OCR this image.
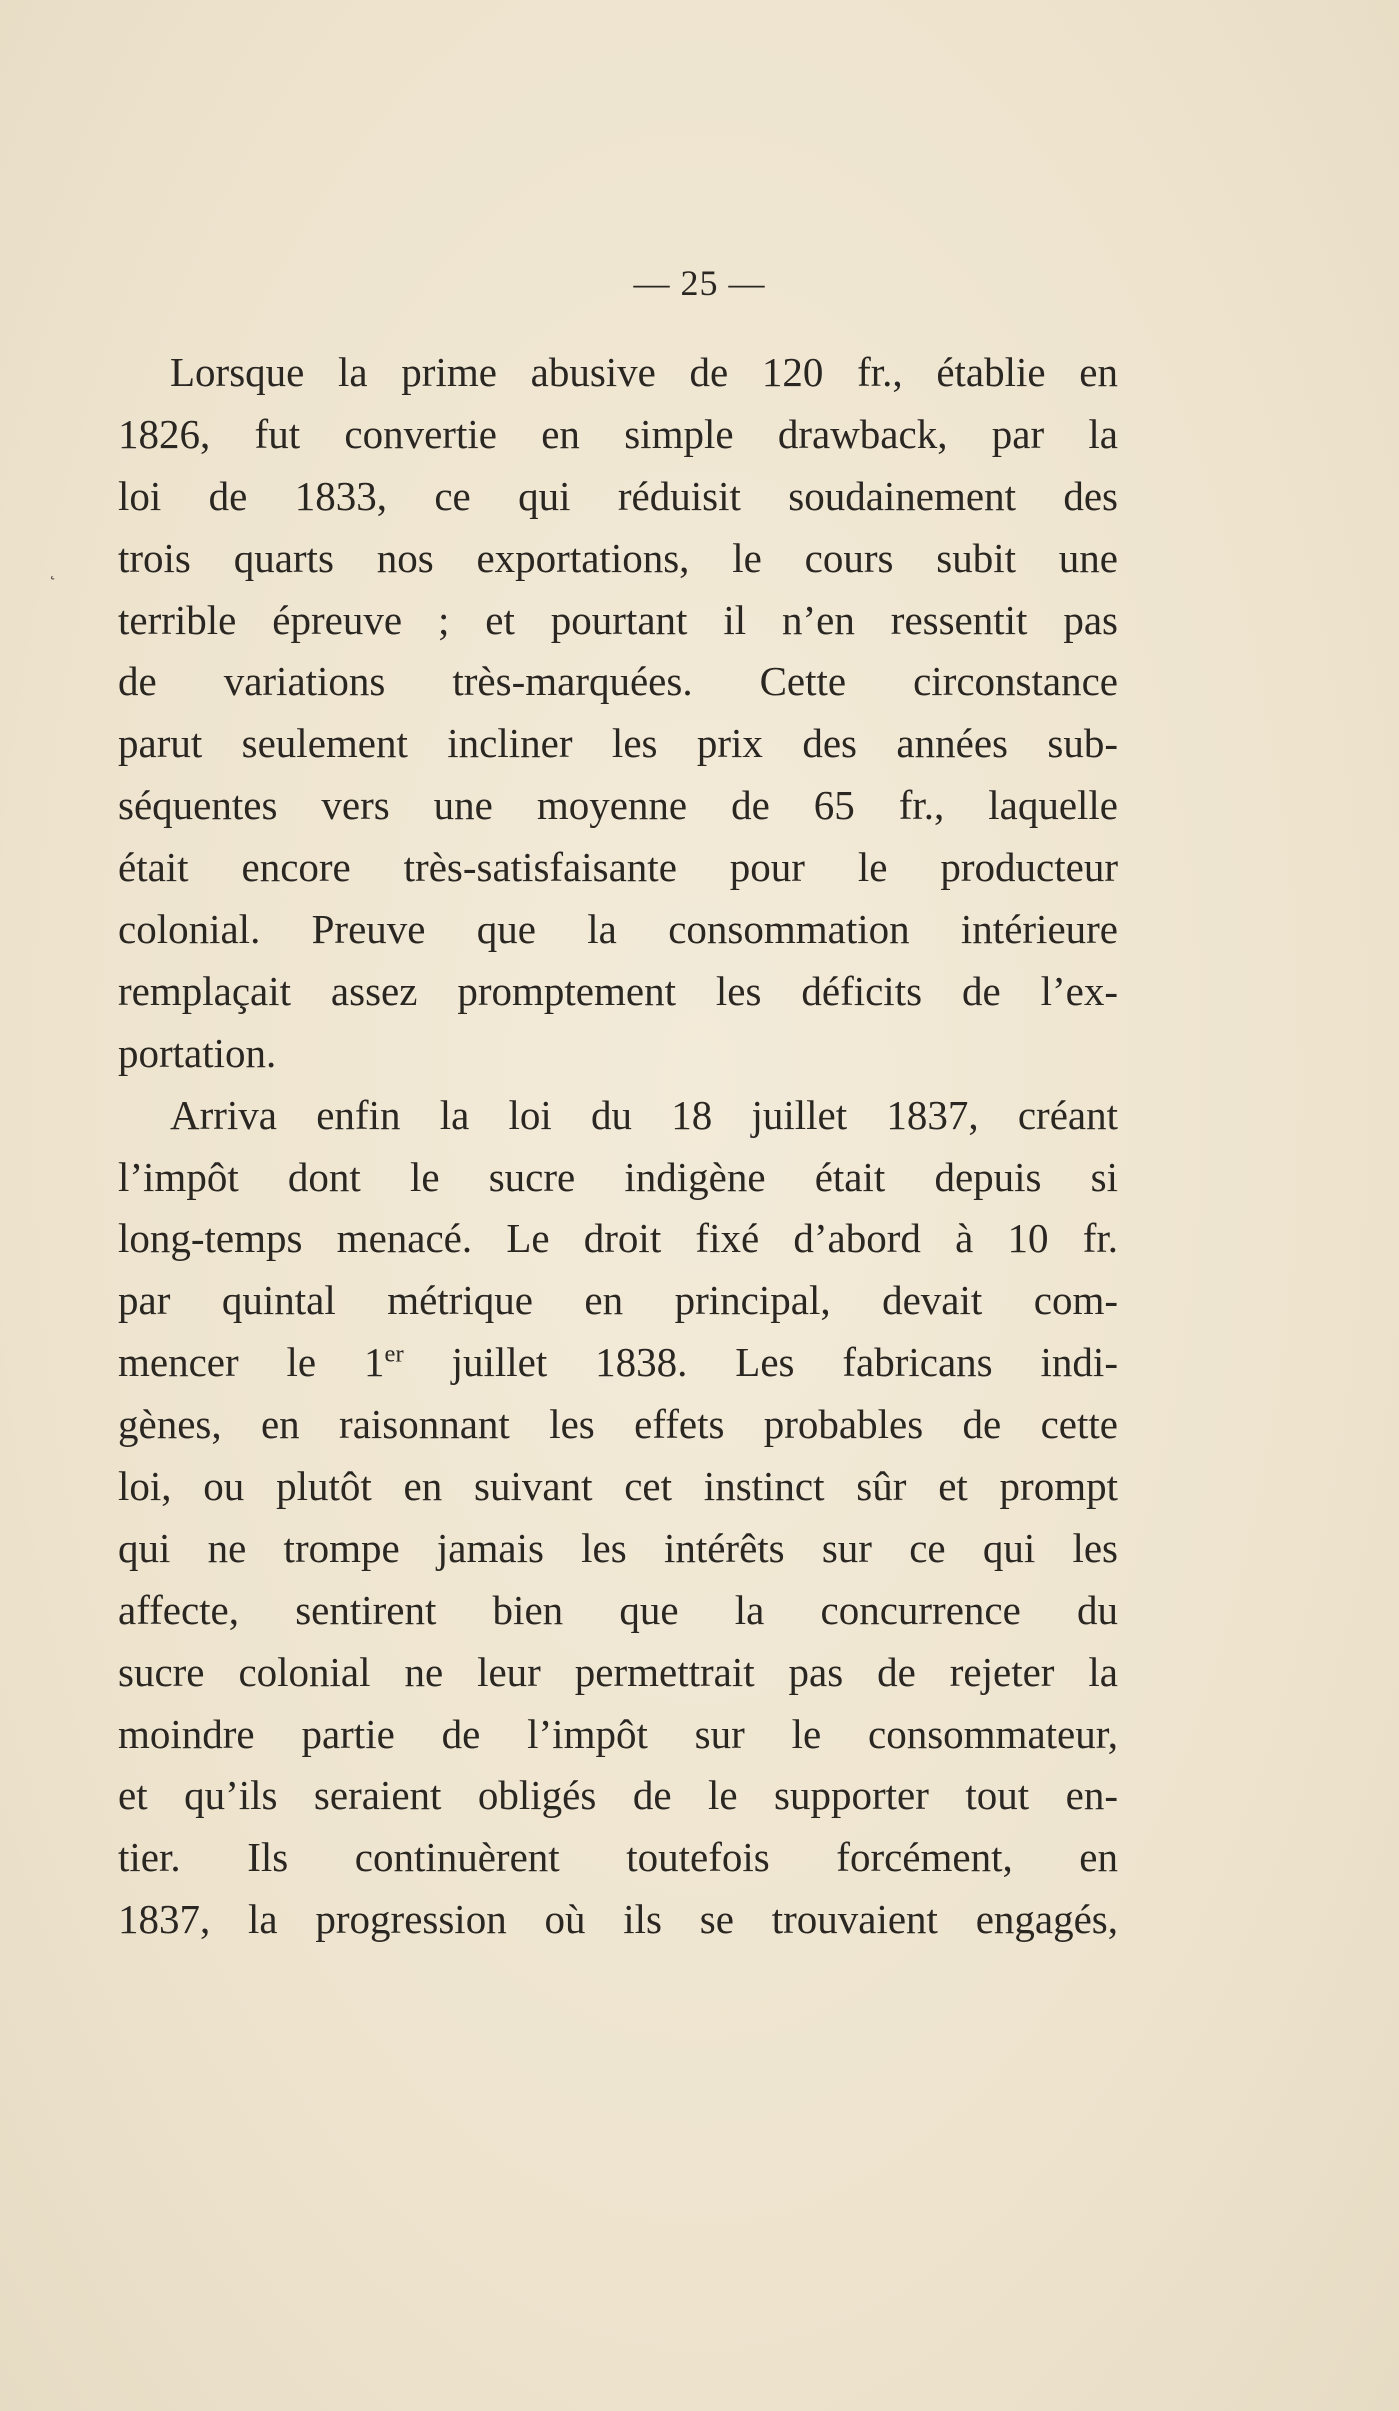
— 25 —
˛
Lorsque la prime abusive de 120 fr., établie en
1826, fut convertie en simple drawback, par la
loi de 1833, ce qui réduisit soudainement des
trois quarts nos exportations, le cours subit une
terrible épreuve ; et pourtant il n’en ressentit pas
de variations très-marquées. Cette circonstance
parut seulement incliner les prix des années sub-
séquentes vers une moyenne de 65 fr., laquelle
était encore très-satisfaisante pour le producteur
colonial. Preuve que la consommation intérieure
remplaçait assez promptement les déficits de l’ex-
portation.
Arriva enfin la loi du 18 juillet 1837, créant
l’impôt dont le sucre indigène était depuis si
long-temps menacé. Le droit fixé d’abord à 10 fr.
par quintal métrique en principal, devait com-
mencer le 1er juillet 1838. Les fabricans indi-
gènes, en raisonnant les effets probables de cette
loi, ou plutôt en suivant cet instinct sûr et prompt
qui ne trompe jamais les intérêts sur ce qui les
affecte, sentirent bien que la concurrence du
sucre colonial ne leur permettrait pas de rejeter la
moindre partie de l’impôt sur le consommateur,
et qu’ils seraient obligés de le supporter tout en-
tier. Ils continuèrent toutefois forcément, en
1837, la progression où ils se trouvaient engagés,
